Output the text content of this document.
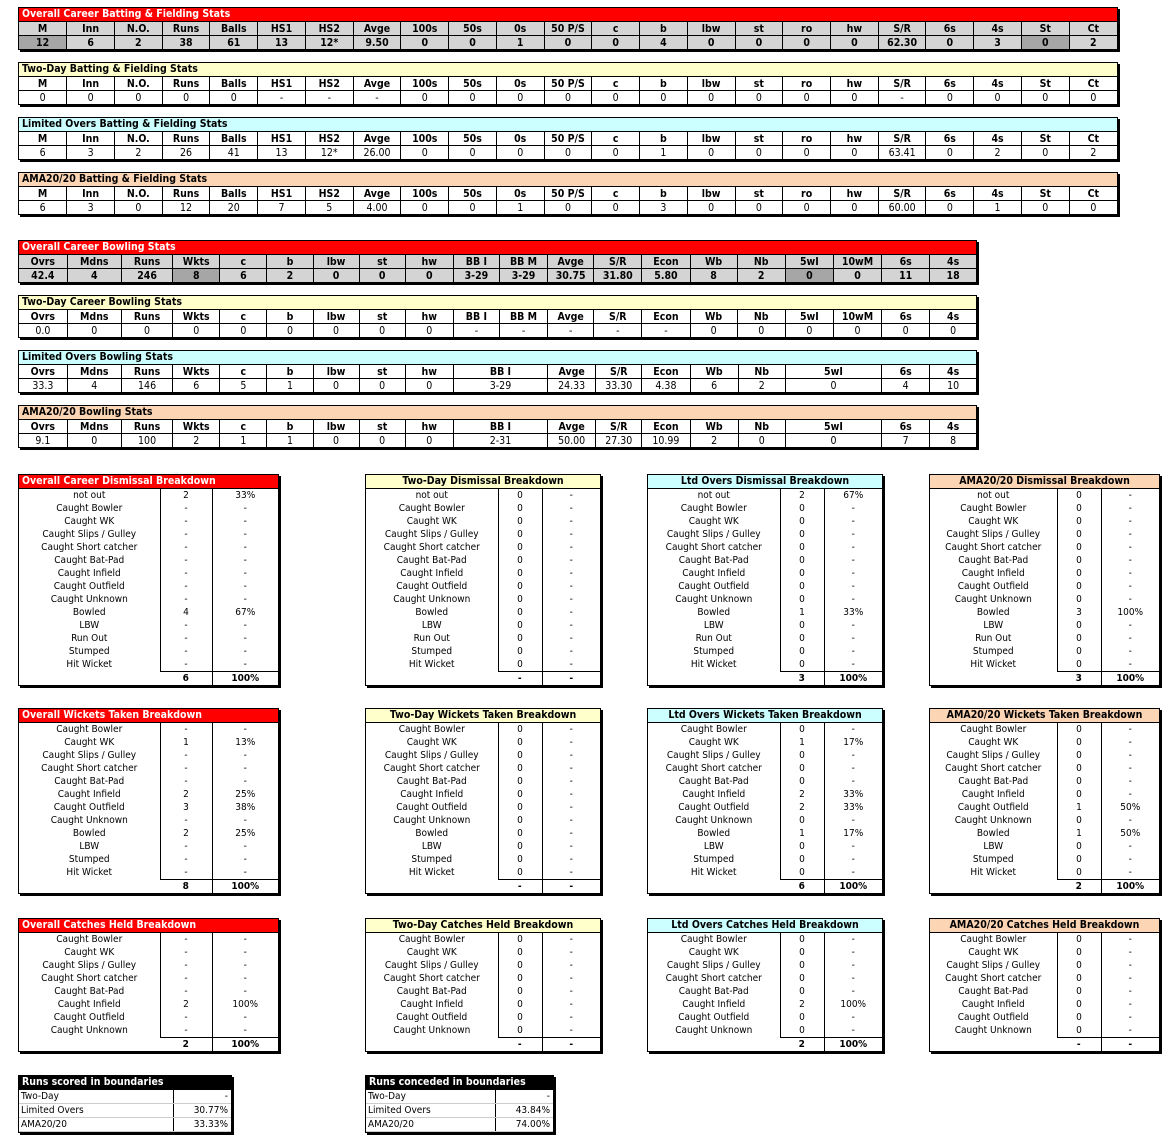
Overall Career Batting & Fielding Stats
M	Inn	N.O.	Runs	Balls	HS1	HS2	Avge	100s	50s	0s	50 P/S	c	b	lbw	st	ro	hw	S/R	6s	4s	St	Ct
12	6	2	38	61	13	12*	9.50	0	0	1	0	0	4	0	0	0	0	62.30	0	3	0	2
Two-Day Batting & Fielding Stats
M	Inn	N.O.	Runs	Balls	HS1	HS2	Avge	100s	50s	0s	50 P/S	c	b	lbw	st	ro	hw	S/R	6s	4s	St	Ct
0	0	0	0	0	-	-	-	0	0	0	0	0	0	0	0	0	0	-	0	0	0	0
Limited Overs Batting & Fielding Stats
M	Inn	N.O.	Runs	Balls	HS1	HS2	Avge	100s	50s	0s	50 P/S	c	b	lbw	st	ro	hw	S/R	6s	4s	St	Ct
6	3	2	26	41	13	12*	26.00	0	0	0	0	0	1	0	0	0	0	63.41	0	2	0	2
AMA20/20 Batting & Fielding Stats
M	Inn	N.O.	Runs	Balls	HS1	HS2	Avge	100s	50s	0s	50 P/S	c	b	lbw	st	ro	hw	S/R	6s	4s	St	Ct
6	3	0	12	20	7	5	4.00	0	0	1	0	0	3	0	0	0	0	60.00	0	1	0	0
Overall Career Bowling Stats
Ovrs	Mdns	Runs	Wkts	c	b	lbw	st	hw	BB I	BB M	Avge	S/R	Econ	Wb	Nb	5wI	10wM	6s	4s
42.4	4	246	8	6	2	0	0	0	3-29	3-29	30.75	31.80	5.80	8	2	0	0	11	18
Two-Day Career Bowling Stats
Ovrs	Mdns	Runs	Wkts	c	b	lbw	st	hw	BB I	BB M	Avge	S/R	Econ	Wb	Nb	5wI	10wM	6s	4s
0.0	0	0	0	0	0	0	0	0	-	-	-	-	-	0	0	0	0	0	0
Limited Overs Bowling Stats
Ovrs	Mdns	Runs	Wkts	c	b	lbw	st	hw	BB I	Avge	S/R	Econ	Wb	Nb	5wI	6s	4s
33.3	4	146	6	5	1	0	0	0	3-29	24.33	33.30	4.38	6	2	0	4	10
AMA20/20 Bowling Stats
Ovrs	Mdns	Runs	Wkts	c	b	lbw	st	hw	BB I	Avge	S/R	Econ	Wb	Nb	5wI	6s	4s
9.1	0	100	2	1	1	0	0	0	2-31	50.00	27.30	10.99	2	0	0	7	8
Overall Career Dismissal Breakdown
not out	2	33%
Caught Bowler	-	-
Caught WK	-	-
Caught Slips / Gulley	-	-
Caught Short catcher	-	-
Caught Bat-Pad	-	-
Caught Infield	-	-
Caught Outfield	-	-
Caught Unknown	-	-
Bowled	4	67%
LBW	-	-
Run Out	-	-
Stumped	-	-
Hit Wicket	-	-
	6	100%
Two-Day Dismissal Breakdown
not out	0	-
Caught Bowler	0	-
Caught WK	0	-
Caught Slips / Gulley	0	-
Caught Short catcher	0	-
Caught Bat-Pad	0	-
Caught Infield	0	-
Caught Outfield	0	-
Caught Unknown	0	-
Bowled	0	-
LBW	0	-
Run Out	0	-
Stumped	0	-
Hit Wicket	0	-
	-	-
Ltd Overs Dismissal Breakdown
not out	2	67%
Caught Bowler	0	-
Caught WK	0	-
Caught Slips / Gulley	0	-
Caught Short catcher	0	-
Caught Bat-Pad	0	-
Caught Infield	0	-
Caught Outfield	0	-
Caught Unknown	0	-
Bowled	1	33%
LBW	0	-
Run Out	0	-
Stumped	0	-
Hit Wicket	0	-
	3	100%
AMA20/20 Dismissal Breakdown
not out	0	-
Caught Bowler	0	-
Caught WK	0	-
Caught Slips / Gulley	0	-
Caught Short catcher	0	-
Caught Bat-Pad	0	-
Caught Infield	0	-
Caught Outfield	0	-
Caught Unknown	0	-
Bowled	3	100%
LBW	0	-
Run Out	0	-
Stumped	0	-
Hit Wicket	0	-
	3	100%
Overall Wickets Taken Breakdown
Caught Bowler	-	-
Caught WK	1	13%
Caught Slips / Gulley	-	-
Caught Short catcher	-	-
Caught Bat-Pad	-	-
Caught Infield	2	25%
Caught Outfield	3	38%
Caught Unknown	-	-
Bowled	2	25%
LBW	-	-
Stumped	-	-
Hit Wicket	-	-
	8	100%
Two-Day Wickets Taken Breakdown
Caught Bowler	0	-
Caught WK	0	-
Caught Slips / Gulley	0	-
Caught Short catcher	0	-
Caught Bat-Pad	0	-
Caught Infield	0	-
Caught Outfield	0	-
Caught Unknown	0	-
Bowled	0	-
LBW	0	-
Stumped	0	-
Hit Wicket	0	-
	-	-
Ltd Overs Wickets Taken Breakdown
Caught Bowler	0	-
Caught WK	1	17%
Caught Slips / Gulley	0	-
Caught Short catcher	0	-
Caught Bat-Pad	0	-
Caught Infield	2	33%
Caught Outfield	2	33%
Caught Unknown	0	-
Bowled	1	17%
LBW	0	-
Stumped	0	-
Hit Wicket	0	-
	6	100%
AMA20/20 Wickets Taken Breakdown
Caught Bowler	0	-
Caught WK	0	-
Caught Slips / Gulley	0	-
Caught Short catcher	0	-
Caught Bat-Pad	0	-
Caught Infield	0	-
Caught Outfield	1	50%
Caught Unknown	0	-
Bowled	1	50%
LBW	0	-
Stumped	0	-
Hit Wicket	0	-
	2	100%
Overall Catches Held Breakdown
Caught Bowler	-	-
Caught WK	-	-
Caught Slips / Gulley	-	-
Caught Short catcher	-	-
Caught Bat-Pad	-	-
Caught Infield	2	100%
Caught Outfield	-	-
Caught Unknown	-	-
	2	100%
Two-Day Catches Held Breakdown
Caught Bowler	0	-
Caught WK	0	-
Caught Slips / Gulley	0	-
Caught Short catcher	0	-
Caught Bat-Pad	0	-
Caught Infield	0	-
Caught Outfield	0	-
Caught Unknown	0	-
	-	-
Ltd Overs Catches Held Breakdown
Caught Bowler	0	-
Caught WK	0	-
Caught Slips / Gulley	0	-
Caught Short catcher	0	-
Caught Bat-Pad	0	-
Caught Infield	2	100%
Caught Outfield	0	-
Caught Unknown	0	-
	2	100%
AMA20/20 Catches Held Breakdown
Caught Bowler	0	-
Caught WK	0	-
Caught Slips / Gulley	0	-
Caught Short catcher	0	-
Caught Bat-Pad	0	-
Caught Infield	0	-
Caught Outfield	0	-
Caught Unknown	0	-
	-	-
Runs scored in boundaries
Two-Day	-
Limited Overs	30.77%
AMA20/20	33.33%
Runs conceded in boundaries
Two-Day	-
Limited Overs	43.84%
AMA20/20	74.00%
